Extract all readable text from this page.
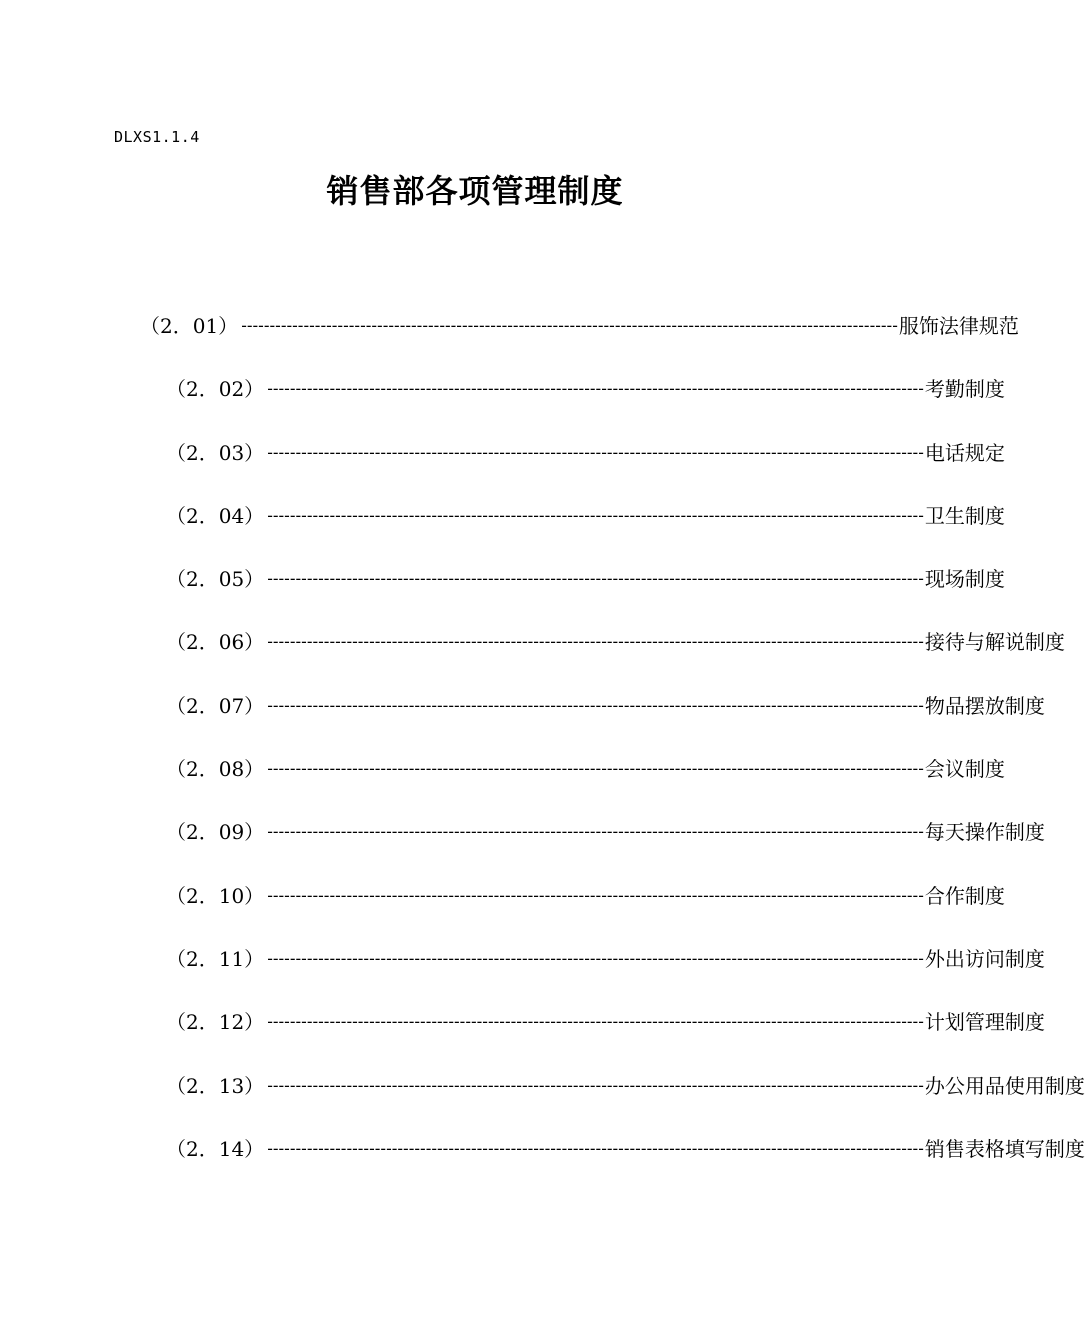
DLXS1.1.4
销售部各项管理制度
（2．01） -------------------------------------------------------------------------------------------------------------------- 服饰法律规范
（2．02） -------------------------------------------------------------------------------------------------------------------- 考勤制度
（2．03） -------------------------------------------------------------------------------------------------------------------- 电话规定
（2．04） -------------------------------------------------------------------------------------------------------------------- 卫生制度
（2．05） -------------------------------------------------------------------------------------------------------------------- 现场制度
（2．06） -------------------------------------------------------------------------------------------------------------------- 接待与解说制度
（2．07） -------------------------------------------------------------------------------------------------------------------- 物品摆放制度
（2．08） -------------------------------------------------------------------------------------------------------------------- 会议制度
（2．09） -------------------------------------------------------------------------------------------------------------------- 每天操作制度
（2．10） -------------------------------------------------------------------------------------------------------------------- 合作制度
（2．11） -------------------------------------------------------------------------------------------------------------------- 外出访问制度
（2．12） -------------------------------------------------------------------------------------------------------------------- 计划管理制度
（2．13） -------------------------------------------------------------------------------------------------------------------- 办公用品使用制度
（2．14） -------------------------------------------------------------------------------------------------------------------- 销售表格填写制度
